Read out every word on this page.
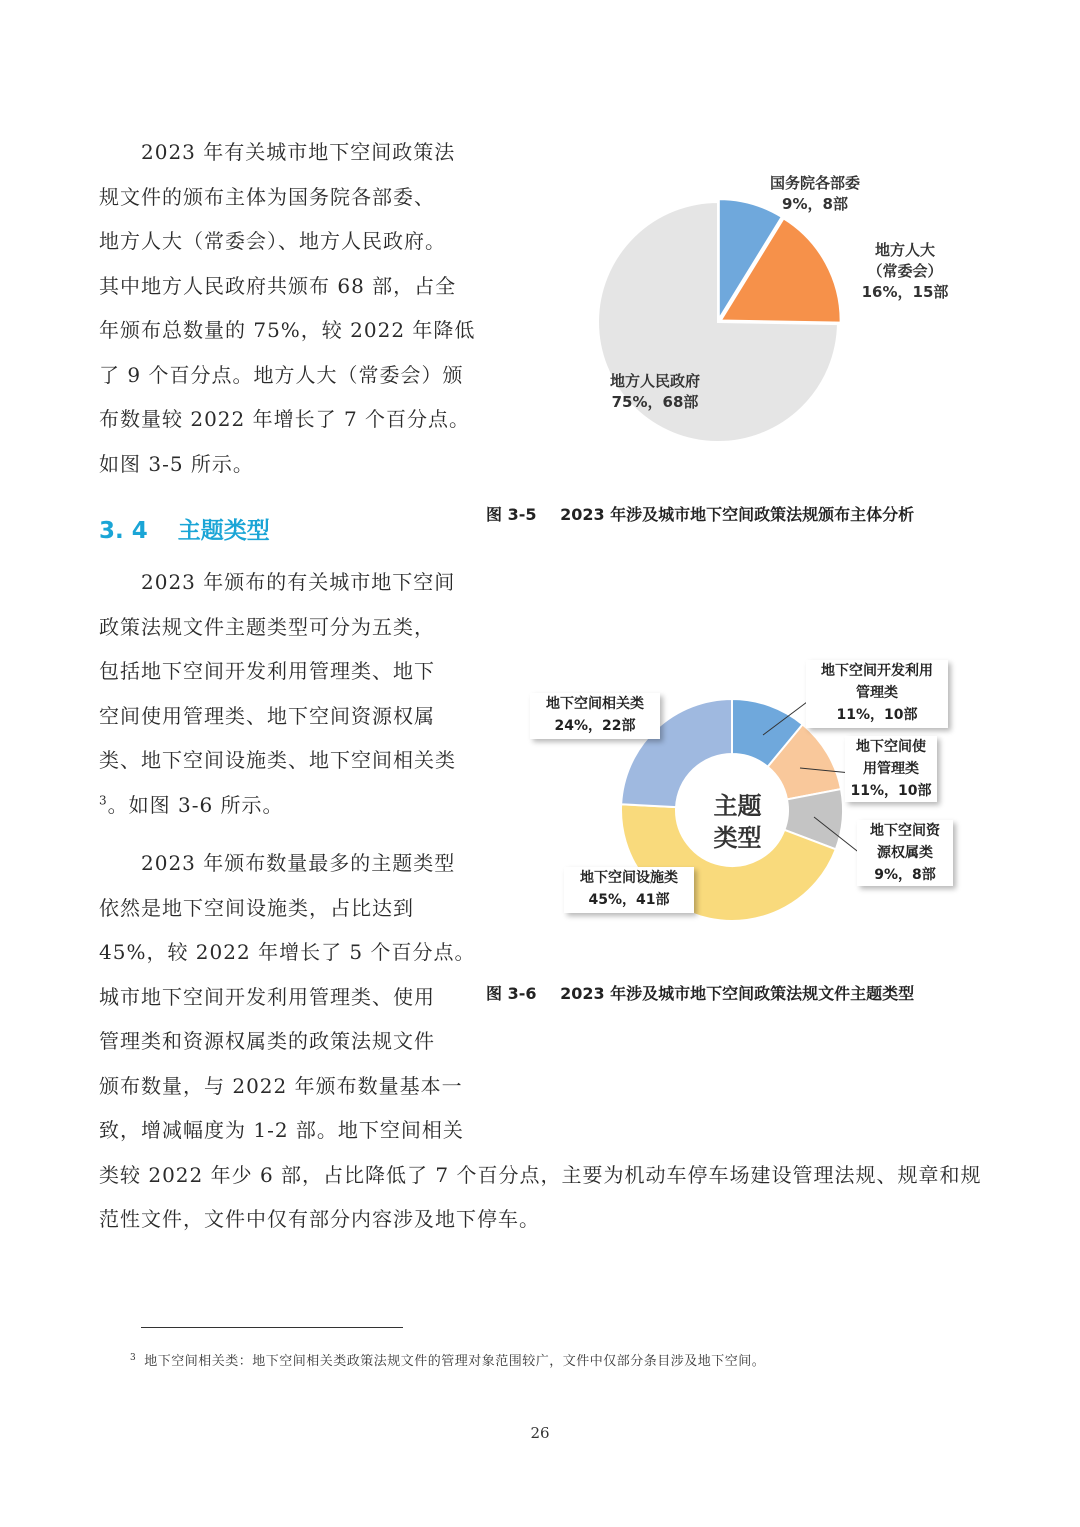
2023 年有关城市地下空间政策法
规文件的颁布主体为国务院各部委、
地方人大（常委会）、地方人民政府。
其中地方人民政府共颁布 68 部，占全
年颁布总数量的 75%，较 2022 年降低
了 9 个百分点。地方人大（常委会）颁
布数量较 2022 年增长了 7 个百分点。
如图 3-5 所示。
3. 4 主题类型
2023 年颁布的有关城市地下空间
政策法规文件主题类型可分为五类，
包括地下空间开发利用管理类、地下
空间使用管理类、地下空间资源权属
类、地下空间设施类、地下空间相关类
$^3$。如图 3-6 所示。
2023 年颁布数量最多的主题类型
依然是地下空间设施类，占比达到
45%，较 2022 年增长了 5 个百分点。
城市地下空间开发利用管理类、使用
管理类和资源权属类的政策法规文件
颁布数量，与 2022 年颁布数量基本一
致，增减幅度为 1-2 部。地下空间相关
类较 2022 年少 6 部，占比降低了 7 个百分点，主要为机动车停车场建设管理法规、规章和规
范性文件，文件中仅有部分内容涉及地下停车。
国务院各部委
9%，8部
地方人大
（常委会）
16%，15部
地方人民政府
75%，68部
图 3-5 2023 年涉及城市地下空间政策法规颁布主体分析
主题
类型
地下空间开发利用
管理类
11%，10部
地下空间使
用管理类
11%，10部
地下空间资
源权属类
9%，8部
地下空间设施类
45%，41部
地下空间相关类
24%，22部
图 3-6 2023 年涉及城市地下空间政策法规文件主题类型
$^3$ 地下空间相关类：地下空间相关类政策法规文件的管理对象范围较广，文件中仅部分条目涉及地下空间。
26
